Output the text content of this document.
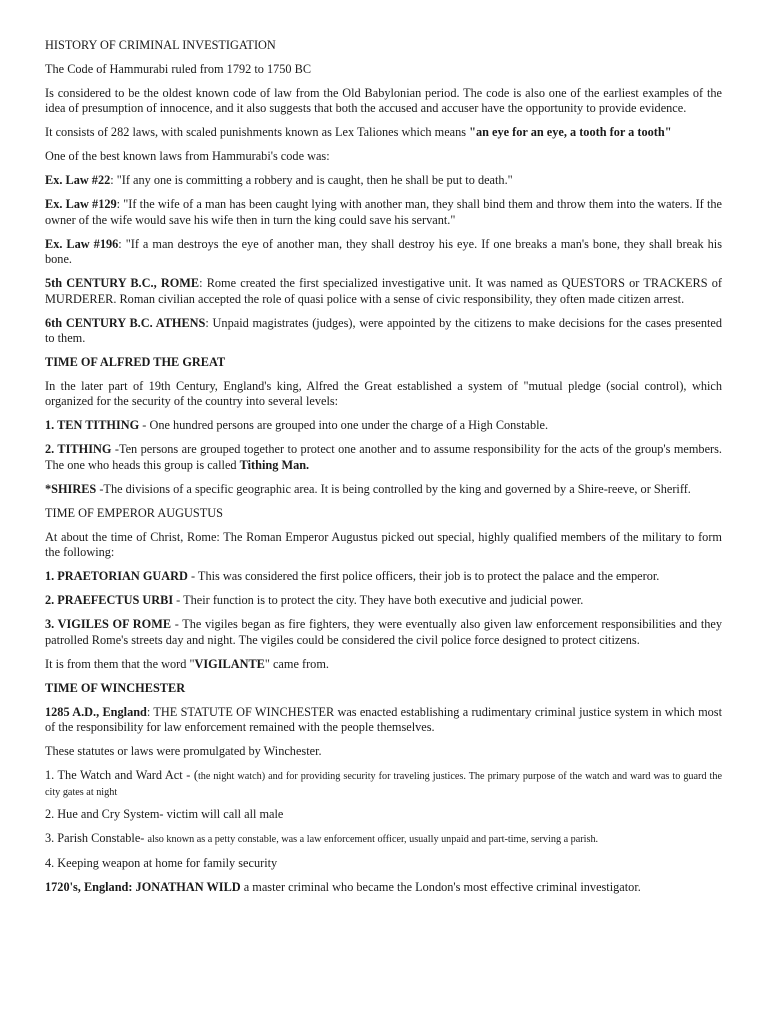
HISTORY OF CRIMINAL INVESTIGATION
The Code of Hammurabi ruled from 1792 to 1750 BC
Is considered to be the oldest known code of law from the Old Babylonian period. The code is also one of the earliest examples of the idea of presumption of innocence, and it also suggests that both the accused and accuser have the opportunity to provide evidence.
It consists of 282 laws, with scaled punishments known as Lex Taliones which means "an eye for an eye, a tooth for a tooth"
One of the best known laws from Hammurabi's code was:
Ex. Law #22: "If any one is committing a robbery and is caught, then he shall be put to death."
Ex. Law #129: "If the wife of a man has been caught lying with another man, they shall bind them and throw them into the waters. If the owner of the wife would save his wife then in turn the king could save his servant."
Ex. Law #196: "If a man destroys the eye of another man, they shall destroy his eye. If one breaks a man's bone, they shall break his bone.
5th CENTURY B.C., ROME: Rome created the first specialized investigative unit. It was named as QUESTORS or TRACKERS of MURDERER. Roman civilian accepted the role of quasi police with a sense of civic responsibility, they often made citizen arrest.
6th CENTURY B.C. ATHENS: Unpaid magistrates (judges), were appointed by the citizens to make decisions for the cases presented to them.
TIME OF ALFRED THE GREAT
In the later part of 19th Century, England's king, Alfred the Great established a system of "mutual pledge (social control), which organized for the security of the country into several levels:
1. TEN TITHING - One hundred persons are grouped into one under the charge of a High Constable.
2. TITHING -Ten persons are grouped together to protect one another and to assume responsibility for the acts of the group's members. The one who heads this group is called Tithing Man.
*SHIRES -The divisions of a specific geographic area. It is being controlled by the king and governed by a Shire-reeve, or Sheriff.
TIME OF EMPEROR AUGUSTUS
At about the time of Christ, Rome: The Roman Emperor Augustus picked out special, highly qualified members of the military to form the following:
1. PRAETORIAN GUARD - This was considered the first police officers, their job is to protect the palace and the emperor.
2. PRAEFECTUS URBI - Their function is to protect the city. They have both executive and judicial power.
3. VIGILES OF ROME - The vigiles began as fire fighters, they were eventually also given law enforcement responsibilities and they patrolled Rome's streets day and night. The vigiles could be considered the civil police force designed to protect citizens.
It is from them that the word "VIGILANTE" came from.
TIME OF WINCHESTER
1285 A.D., England: THE STATUTE OF WINCHESTER was enacted establishing a rudimentary criminal justice system in which most of the responsibility for law enforcement remained with the people themselves.
These statutes or laws were promulgated by Winchester.
1. The Watch and Ward Act - (the night watch) and for providing security for traveling justices. The primary purpose of the watch and ward was to guard the city gates at night
2. Hue and Cry System- victim will call all male
3. Parish Constable- also known as a petty constable, was a law enforcement officer, usually unpaid and part-time, serving a parish.
4. Keeping weapon at home for family security
1720's, England: JONATHAN WILD a master criminal who became the London's most effective criminal investigator.
